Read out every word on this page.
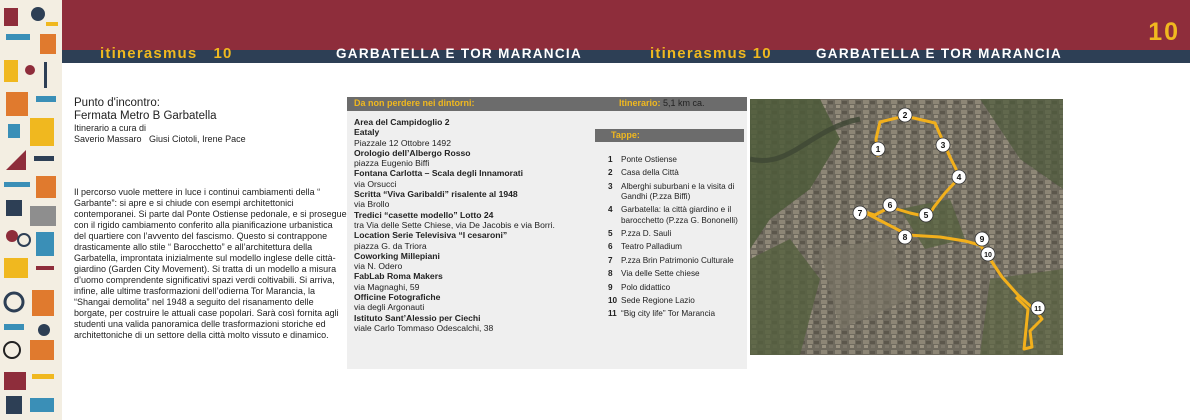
itinerasmus 10	GARBATELLA E TOR MARANCIA	itinerasmus 10	GARBATELLA E TOR MARANCIA
10
Punto d'incontro:
Fermata Metro B Garbatella
Itinerario a cura di
Saverio Massaro Giusi Ciotoli, Irene Pace
Il percorso vuole mettere in luce i continui cambiamenti della “ Garbante”: si apre e si chiude con esempi architettonici contemporanei. Si parte dal Ponte Ostiense pedonale, e si prosegue con il rigido cambiamento conferito alla pianificazione urbanistica del quartiere con l’avvento del fascismo. Questo si contrappone drasticamente allo stile “ Barocchetto” e all’architettura della Garbatella, improntata inizialmente sul modello inglese delle città-giardino (Garden City Movement). Si tratta di un modello a misura d’uomo comprendente significativi spazi verdi coltivabili. Si arriva, infine, alle ultime trasformazioni dell’odierna Tor Marancia, la “Shangai demolita” nel 1948 a seguito del risanamento delle borgate, per costruire le attuali case popolari. Sarà così fornita agli studenti una valida panoramica delle trasformazioni storiche ed architettoniche di un settore della città molto vissuto e dinamico.
Da non perdere nei dintorni:	Itinerario: 5,1 km ca.
Area del Campidoglio 2
Eataly
Piazzale 12 Ottobre 1492
Orologio dell’Albergo Rosso
piazza Eugenio Biffi
Fontana Carlotta – Scala degli Innamorati
via Orsucci
Scritta “Viva Garibaldi” risalente al 1948
via Brollo
Tredici “casette modello” Lotto 24
tra Via delle Sette Chiese, via De Jacobis e via Borri.
Location Serie Televisiva “I cesaroni”
piazza G. da Triora
Coworking Millepiani
via N. Odero
FabLab Roma Makers
via Magnaghi, 59
Officine Fotografiche
via degli Argonauti
Istituto Sant’Alessio per Ciechi
viale Carlo Tommaso Odescalchi, 38
Tappe:
1	Ponte Ostiense
2	Casa della Città
3	Alberghi suburbani e la visita di Gandhi (P.zza Biffi)
4	Garbatella: la città giardino e il barocchetto (P.zza G. Bononelli)
5	P.zza D. Sauli
6	Teatro Palladium
7	P.zza Brin Patrimonio Culturale
8	Via delle Sette chiese
9	Polo didattico
10 Sede Regione Lazio
11 “Big city life” Tor Marancia
1
2
3
4
5
6
7
8	9
10
11
